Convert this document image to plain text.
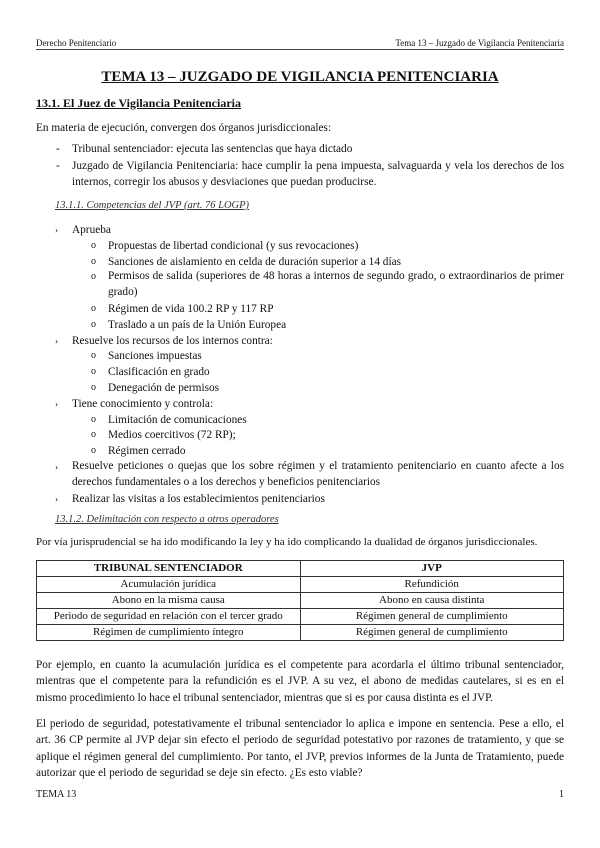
Derecho Penitenciario	Tema 13 – Juzgado de Vigilancia Penitenciaria
TEMA 13 – JUZGADO DE VIGILANCIA PENITENCIARIA
13.1. El Juez de Vigilancia Penitenciaria
En materia de ejecución, convergen dos órganos jurisdiccionales:
- Tribunal sentenciador: ejecuta las sentencias que haya dictado
- Juzgado de Vigilancia Penitenciaria: hace cumplir la pena impuesta, salvaguarda y vela los derechos de los internos, corregir los abusos y desviaciones que puedan producirse.
13.1.1. Competencias del JVP (art. 76 LOGP)
› Aprueba
o Propuestas de libertad condicional (y sus revocaciones)
o Sanciones de aislamiento en celda de duración superior a 14 días
o Permisos de salida (superiores de 48 horas a internos de segundo grado, o extraordinarios de primer grado)
o Régimen de vida 100.2 RP y 117 RP
o Traslado a un país de la Unión Europea
› Resuelve los recursos de los internos contra:
o Sanciones impuestas
o Clasificación en grado
o Denegación de permisos
› Tiene conocimiento y controla:
o Limitación de comunicaciones
o Medios coercitivos (72 RP);
o Régimen cerrado
› Resuelve peticiones o quejas que los sobre régimen y el tratamiento penitenciario en cuanto afecte a los derechos fundamentales o a los derechos y beneficios penitenciarios
› Realizar las visitas a los establecimientos penitenciarios
13.1.2. Delimitación con respecto a otros operadores
Por vía jurisprudencial se ha ido modificando la ley y ha ido complicando la dualidad de órganos jurisdiccionales.
TRIBUNAL SENTENCIADOR	JVP
Acumulación jurídica	Refundición
Abono en la misma causa	Abono en causa distinta
Periodo de seguridad en relación con el tercer grado	Régimen general de cumplimiento
Régimen de cumplimiento íntegro	Régimen general de cumplimiento
Por ejemplo, en cuanto la acumulación jurídica es el competente para acordarla el último tribunal sentenciador, mientras que el competente para la refundición es el JVP. A su vez, el abono de medidas cautelares, si es en el mismo procedimiento lo hace el tribunal sentenciador, mientras que si es por causa distinta es el JVP.
El periodo de seguridad, potestativamente el tribunal sentenciador lo aplica e impone en sentencia. Pese a ello, el art. 36 CP permite al JVP dejar sin efecto el periodo de seguridad potestativo por razones de tratamiento, y que se aplique el régimen general del cumplimiento. Por tanto, el JVP, previos informes de la Junta de Tratamiento, puede autorizar que el periodo de seguridad se deje sin efecto. ¿Es esto viable?
TEMA 13	1
